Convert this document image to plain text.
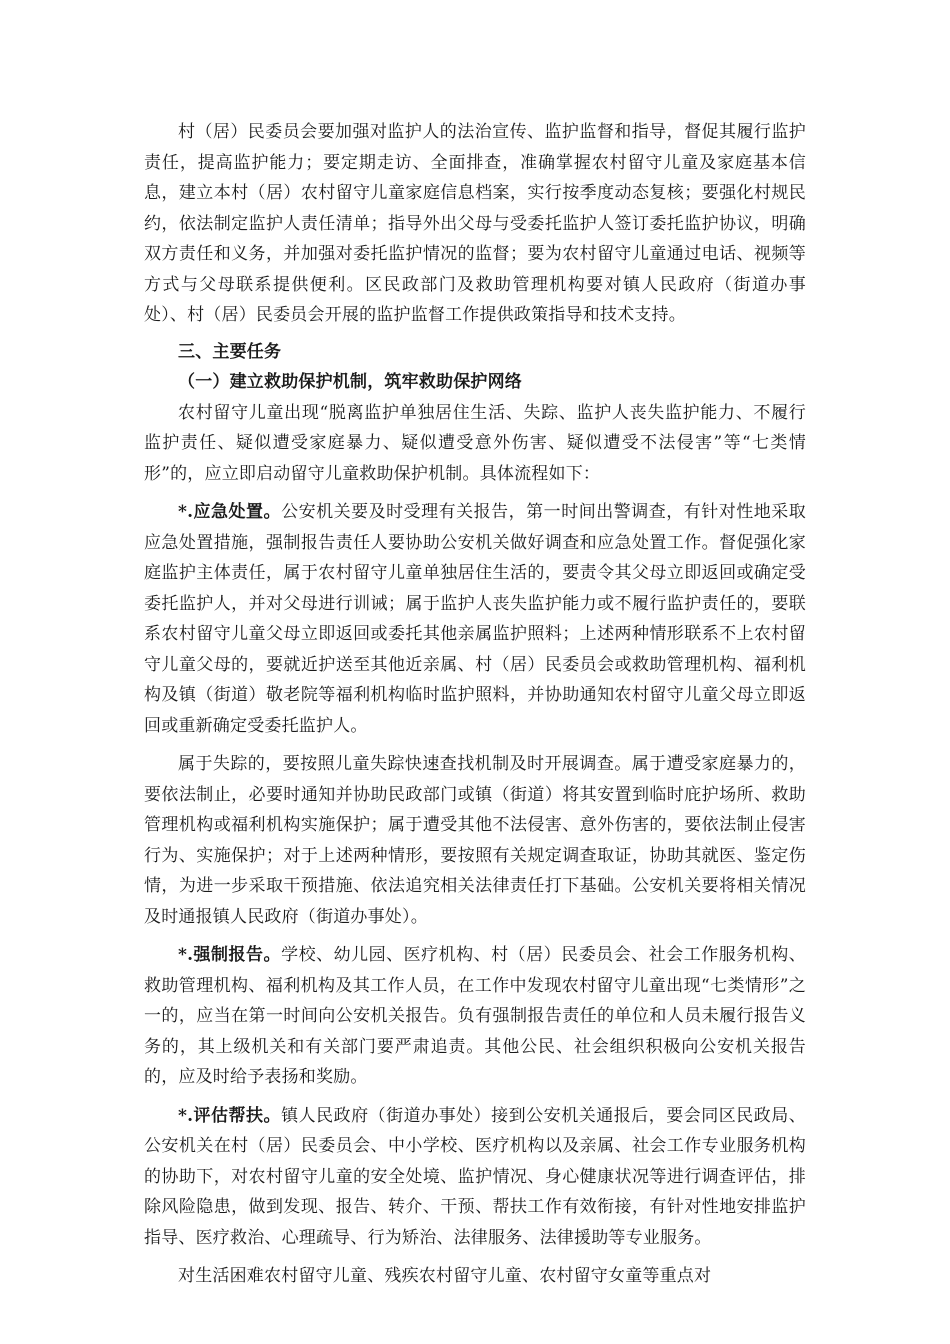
村（居）民委员会要加强对监护人的法治宣传、监护监督和指导，督促其履行监护责任，提高监护能力；要定期走访、全面排查，准确掌握农村留守儿童及家庭基本信息，建立本村（居）农村留守儿童家庭信息档案，实行按季度动态复核；要强化村规民约，依法制定监护人责任清单；指导外出父母与受委托监护人签订委托监护协议，明确双方责任和义务，并加强对委托监护情况的监督；要为农村留守儿童通过电话、视频等方式与父母联系提供便利。区民政部门及救助管理机构要对镇人民政府（街道办事处）、村（居）民委员会开展的监护监督工作提供政策指导和技术支持。

三、主要任务

（一）建立救助保护机制，筑牢救助保护网络

农村留守儿童出现“脱离监护单独居住生活、失踪、监护人丧失监护能力、不履行监护责任、疑似遭受家庭暴力、疑似遭受意外伤害、疑似遭受不法侵害”等“七类情形”的，应立即启动留守儿童救助保护机制。具体流程如下：

*.应急处置。公安机关要及时受理有关报告，第一时间出警调查，有针对性地采取应急处置措施，强制报告责任人要协助公安机关做好调查和应急处置工作。督促强化家庭监护主体责任，属于农村留守儿童单独居住生活的，要责令其父母立即返回或确定受委托监护人，并对父母进行训诫；属于监护人丧失监护能力或不履行监护责任的，要联系农村留守儿童父母立即返回或委托其他亲属监护照料；上述两种情形联系不上农村留守儿童父母的，要就近护送至其他近亲属、村（居）民委员会或救助管理机构、福利机构及镇（街道）敬老院等福利机构临时监护照料，并协助通知农村留守儿童父母立即返回或重新确定受委托监护人。

属于失踪的，要按照儿童失踪快速查找机制及时开展调查。属于遭受家庭暴力的，要依法制止，必要时通知并协助民政部门或镇（街道）将其安置到临时庇护场所、救助管理机构或福利机构实施保护；属于遭受其他不法侵害、意外伤害的，要依法制止侵害行为、实施保护；对于上述两种情形，要按照有关规定调查取证，协助其就医、鉴定伤情，为进一步采取干预措施、依法追究相关法律责任打下基础。公安机关要将相关情况及时通报镇人民政府（街道办事处）。

*.强制报告。学校、幼儿园、医疗机构、村（居）民委员会、社会工作服务机构、救助管理机构、福利机构及其工作人员，在工作中发现农村留守儿童出现“七类情形”之一的，应当在第一时间向公安机关报告。负有强制报告责任的单位和人员未履行报告义务的，其上级机关和有关部门要严肃追责。其他公民、社会组织积极向公安机关报告的，应及时给予表扬和奖励。

*.评估帮扶。镇人民政府（街道办事处）接到公安机关通报后，要会同区民政局、公安机关在村（居）民委员会、中小学校、医疗机构以及亲属、社会工作专业服务机构的协助下，对农村留守儿童的安全处境、监护情况、身心健康状况等进行调查评估，排除风险隐患，做到发现、报告、转介、干预、帮扶工作有效衔接，有针对性地安排监护指导、医疗救治、心理疏导、行为矫治、法律服务、法律援助等专业服务。

对生活困难农村留守儿童、残疾农村留守儿童、农村留守女童等重点对
